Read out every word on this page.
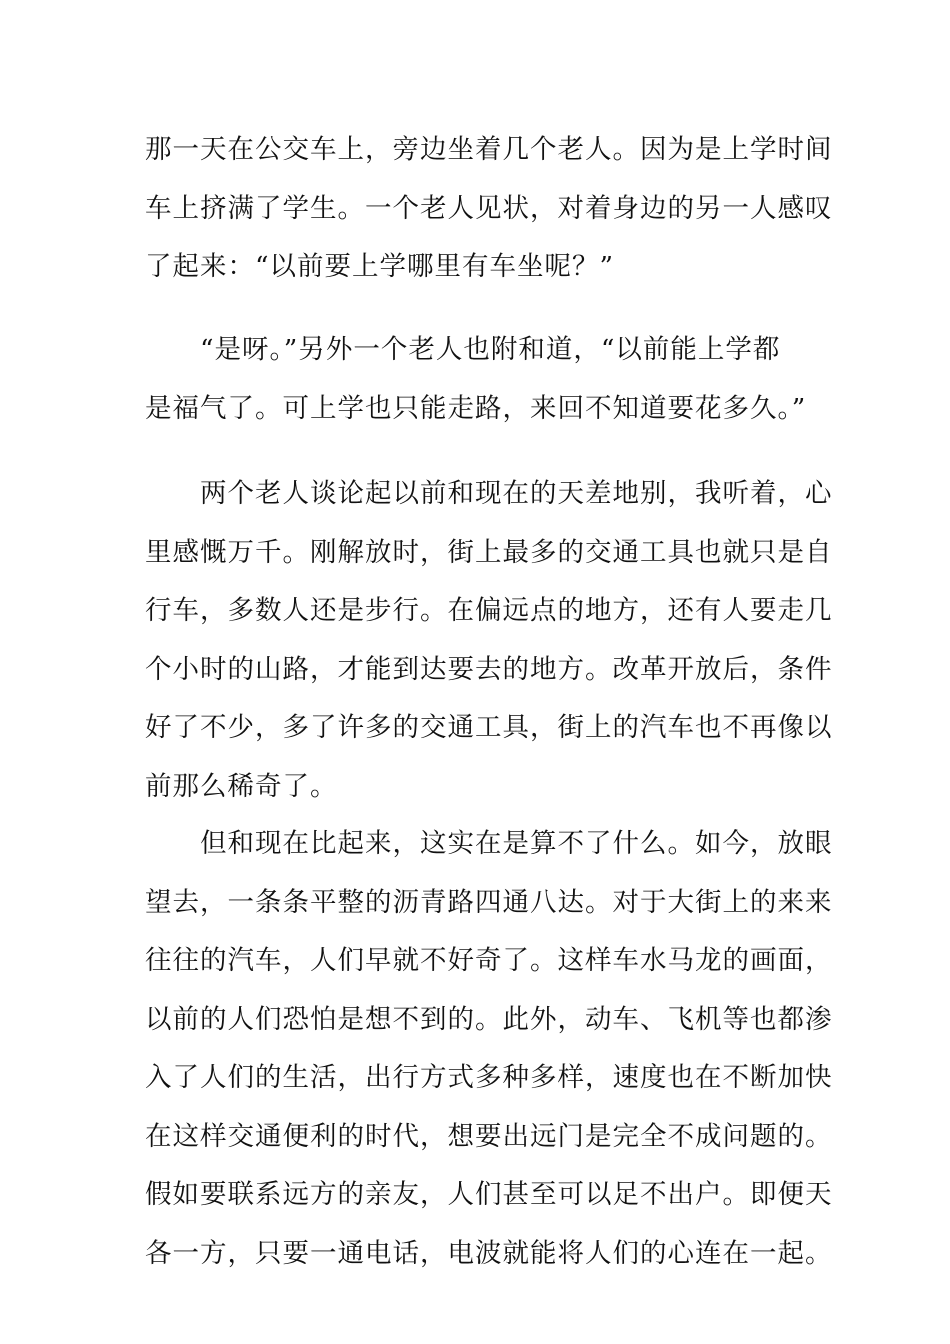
那一天在公交车上，旁边坐着几个老人。因为是上学时间
车上挤满了学生。一个老人见状，对着身边的另一人感叹
了起来：“以前要上学哪里有车坐呢？”

　　“是呀。”另外一个老人也附和道，“以前能上学都
是福气了。可上学也只能走路，来回不知道要花多久。”

　　两个老人谈论起以前和现在的天差地别，我听着，心
里感慨万千。刚解放时，街上最多的交通工具也就只是自
行车，多数人还是步行。在偏远点的地方，还有人要走几
个小时的山路，才能到达要去的地方。改革开放后，条件
好了不少，多了许多的交通工具，街上的汽车也不再像以
前那么稀奇了。

　　但和现在比起来，这实在是算不了什么。如今，放眼
望去，一条条平整的沥青路四通八达。对于大街上的来来
往往的汽车，人们早就不好奇了。这样车水马龙的画面，
以前的人们恐怕是想不到的。此外，动车、飞机等也都渗
入了人们的生活，出行方式多种多样，速度也在不断加快
在这样交通便利的时代，想要出远门是完全不成问题的。
假如要联系远方的亲友，人们甚至可以足不出户。即便天
各一方，只要一通电话，电波就能将人们的心连在一起。
